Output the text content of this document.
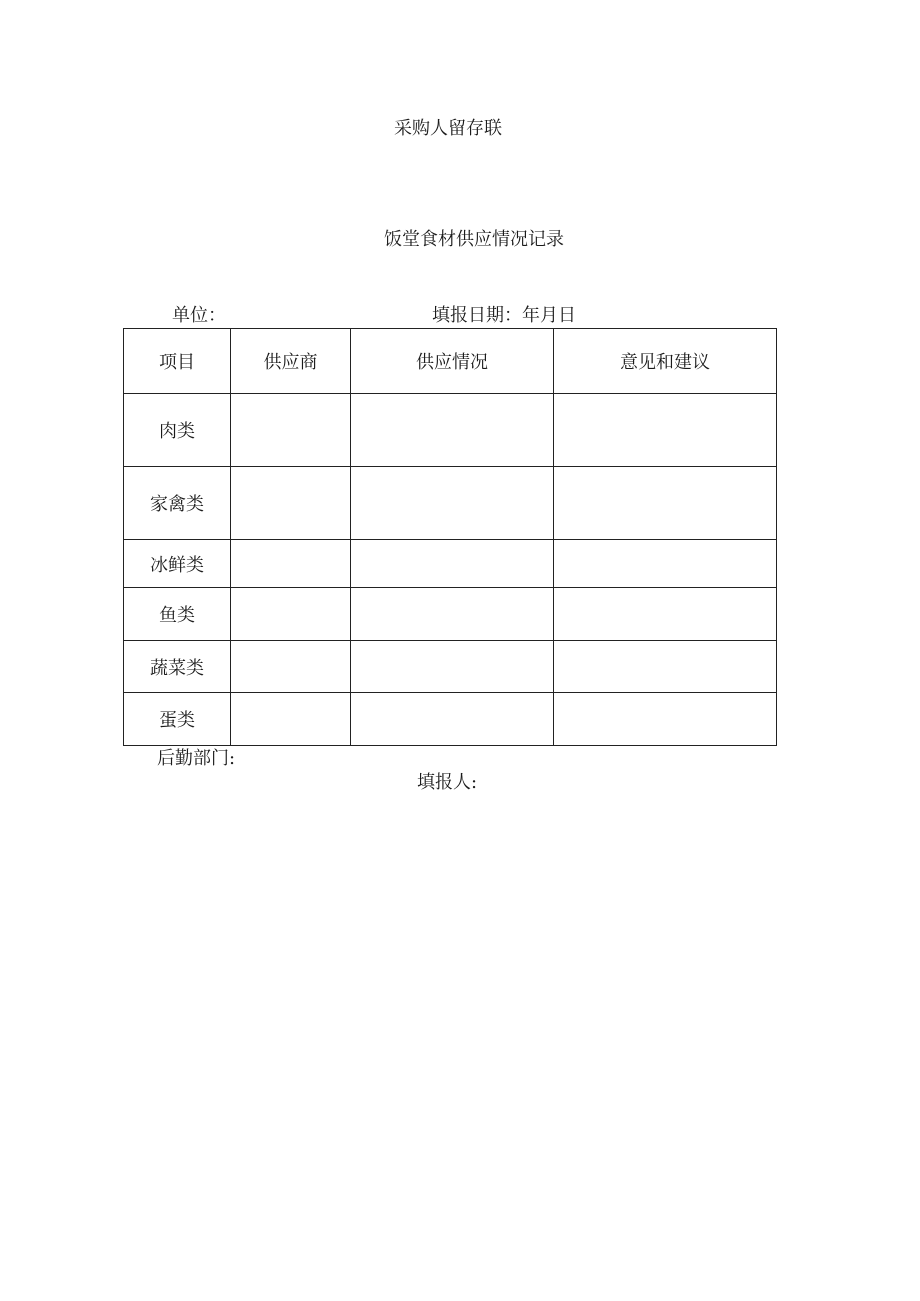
采购人留存联
饭堂食材供应情况记录
单位：	填报日期：年月日
项目	供应商	供应情况	意见和建议
肉类			
家禽类			
冰鲜类			
鱼类			
蔬菜类			
蛋类			
后勤部门:
填报人:
